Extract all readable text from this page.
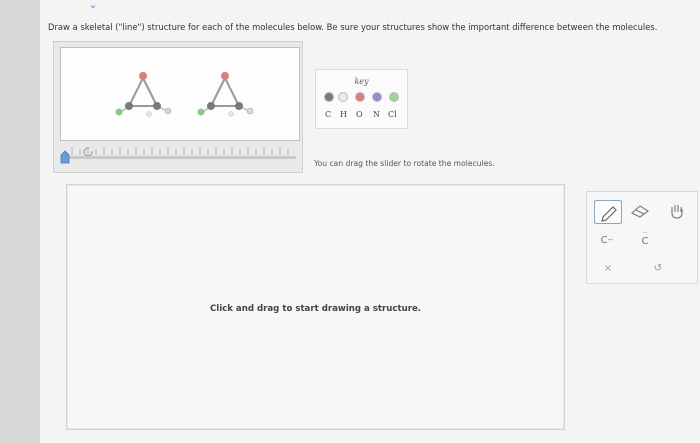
⌄
Draw a skeletal ("line") structure for each of the molecules below. Be sure your structures show the important difference between the molecules.
key
C H O N Cl
You can drag the slider to rotate the molecules.
Click and drag to start drawing a structure.
C −
··
C
×	↺
